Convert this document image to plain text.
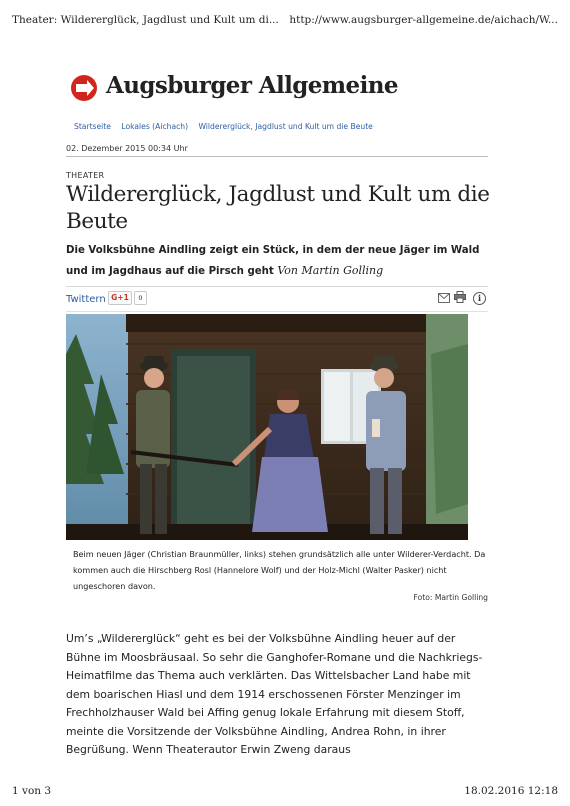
Theater: Wildererglück, Jagdlust und Kult um di... http://www.augsburger-allgemeine.de/aichach/W...
Augsburger Allgemeine
Startseite Lokales (Aichach) Wildererglück, Jagdlust und Kult um die Beute
02. Dezember 2015 00:34 Uhr
THEATER
Wildererglück, Jagdlust und Kult um die Beute
Die Volksbühne Aindling zeigt ein Stück, in dem der neue Jäger im Wald und im Jagdhaus auf die Pirsch geht Von Martin Golling
Twittern G+1	0	i
Beim neuen Jäger (Christian Braunmüller, links) stehen grundsätzlich alle unter Wilderer-Verdacht. Da kommen auch die Hirschberg Rosl (Hannelore Wolf) und der Holz-Michl (Walter Pasker) nicht ungeschoren davon.
Foto: Martin Golling
Um’s „Wildererglück“ geht es bei der Volksbühne Aindling heuer auf der Bühne im Moosbräusaal. So sehr die Ganghofer-Romane und die Nachkriegs-Heimatfilme das Thema auch verklärten. Das Wittelsbacher Land habe mit dem boarischen Hiasl und dem 1914 erschossenen Förster Menzinger im Frechholzhauser Wald bei Affing genug lokale Erfahrung mit diesem Stoff, meinte die Vorsitzende der Volksbühne Aindling, Andrea Rohn, in ihrer Begrüßung. Wenn Theaterautor Erwin Zweng daraus
1 von 3	18.02.2016 12:18
